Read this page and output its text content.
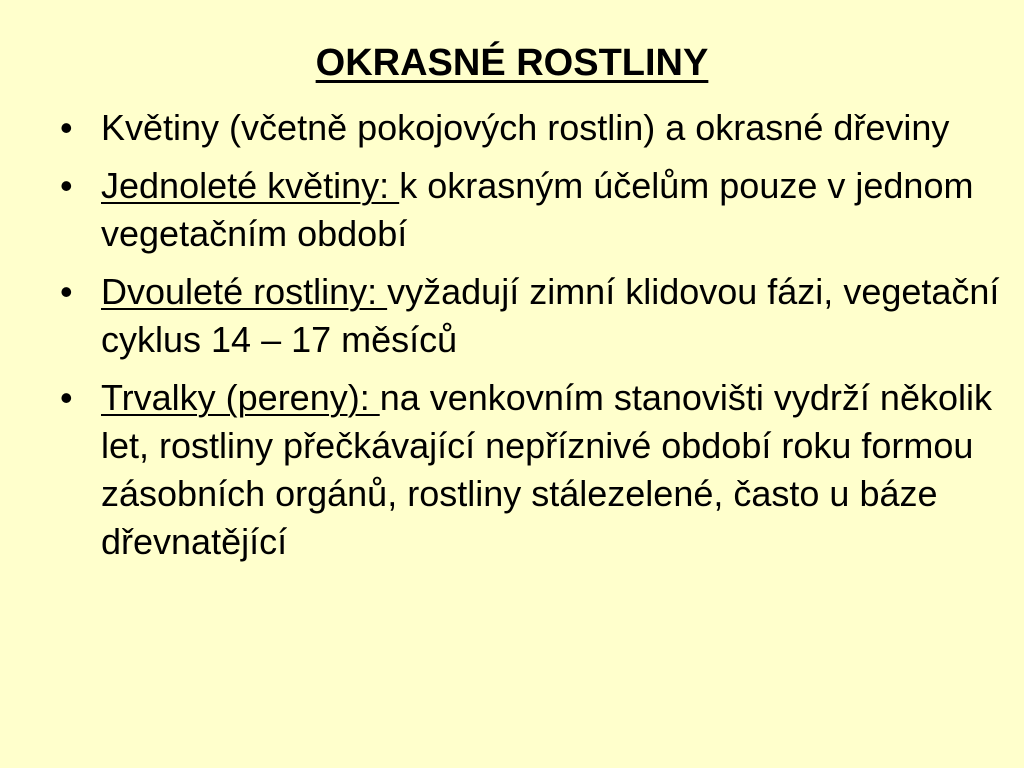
OKRASNÉ ROSTLINY
• Květiny (včetně pokojových rostlin) a okrasné dřeviny
• Jednoleté květiny: k okrasným účelům pouze v jednom vegetačním období
• Dvouleté rostliny: vyžadují zimní klidovou fázi, vegetační cyklus 14 – 17 měsíců
• Trvalky (pereny): na venkovním stanovišti vydrží několik let, rostliny přečkávající nepříznivé období roku formou zásobních orgánů, rostliny stálezelené, často u báze dřevnatějící
